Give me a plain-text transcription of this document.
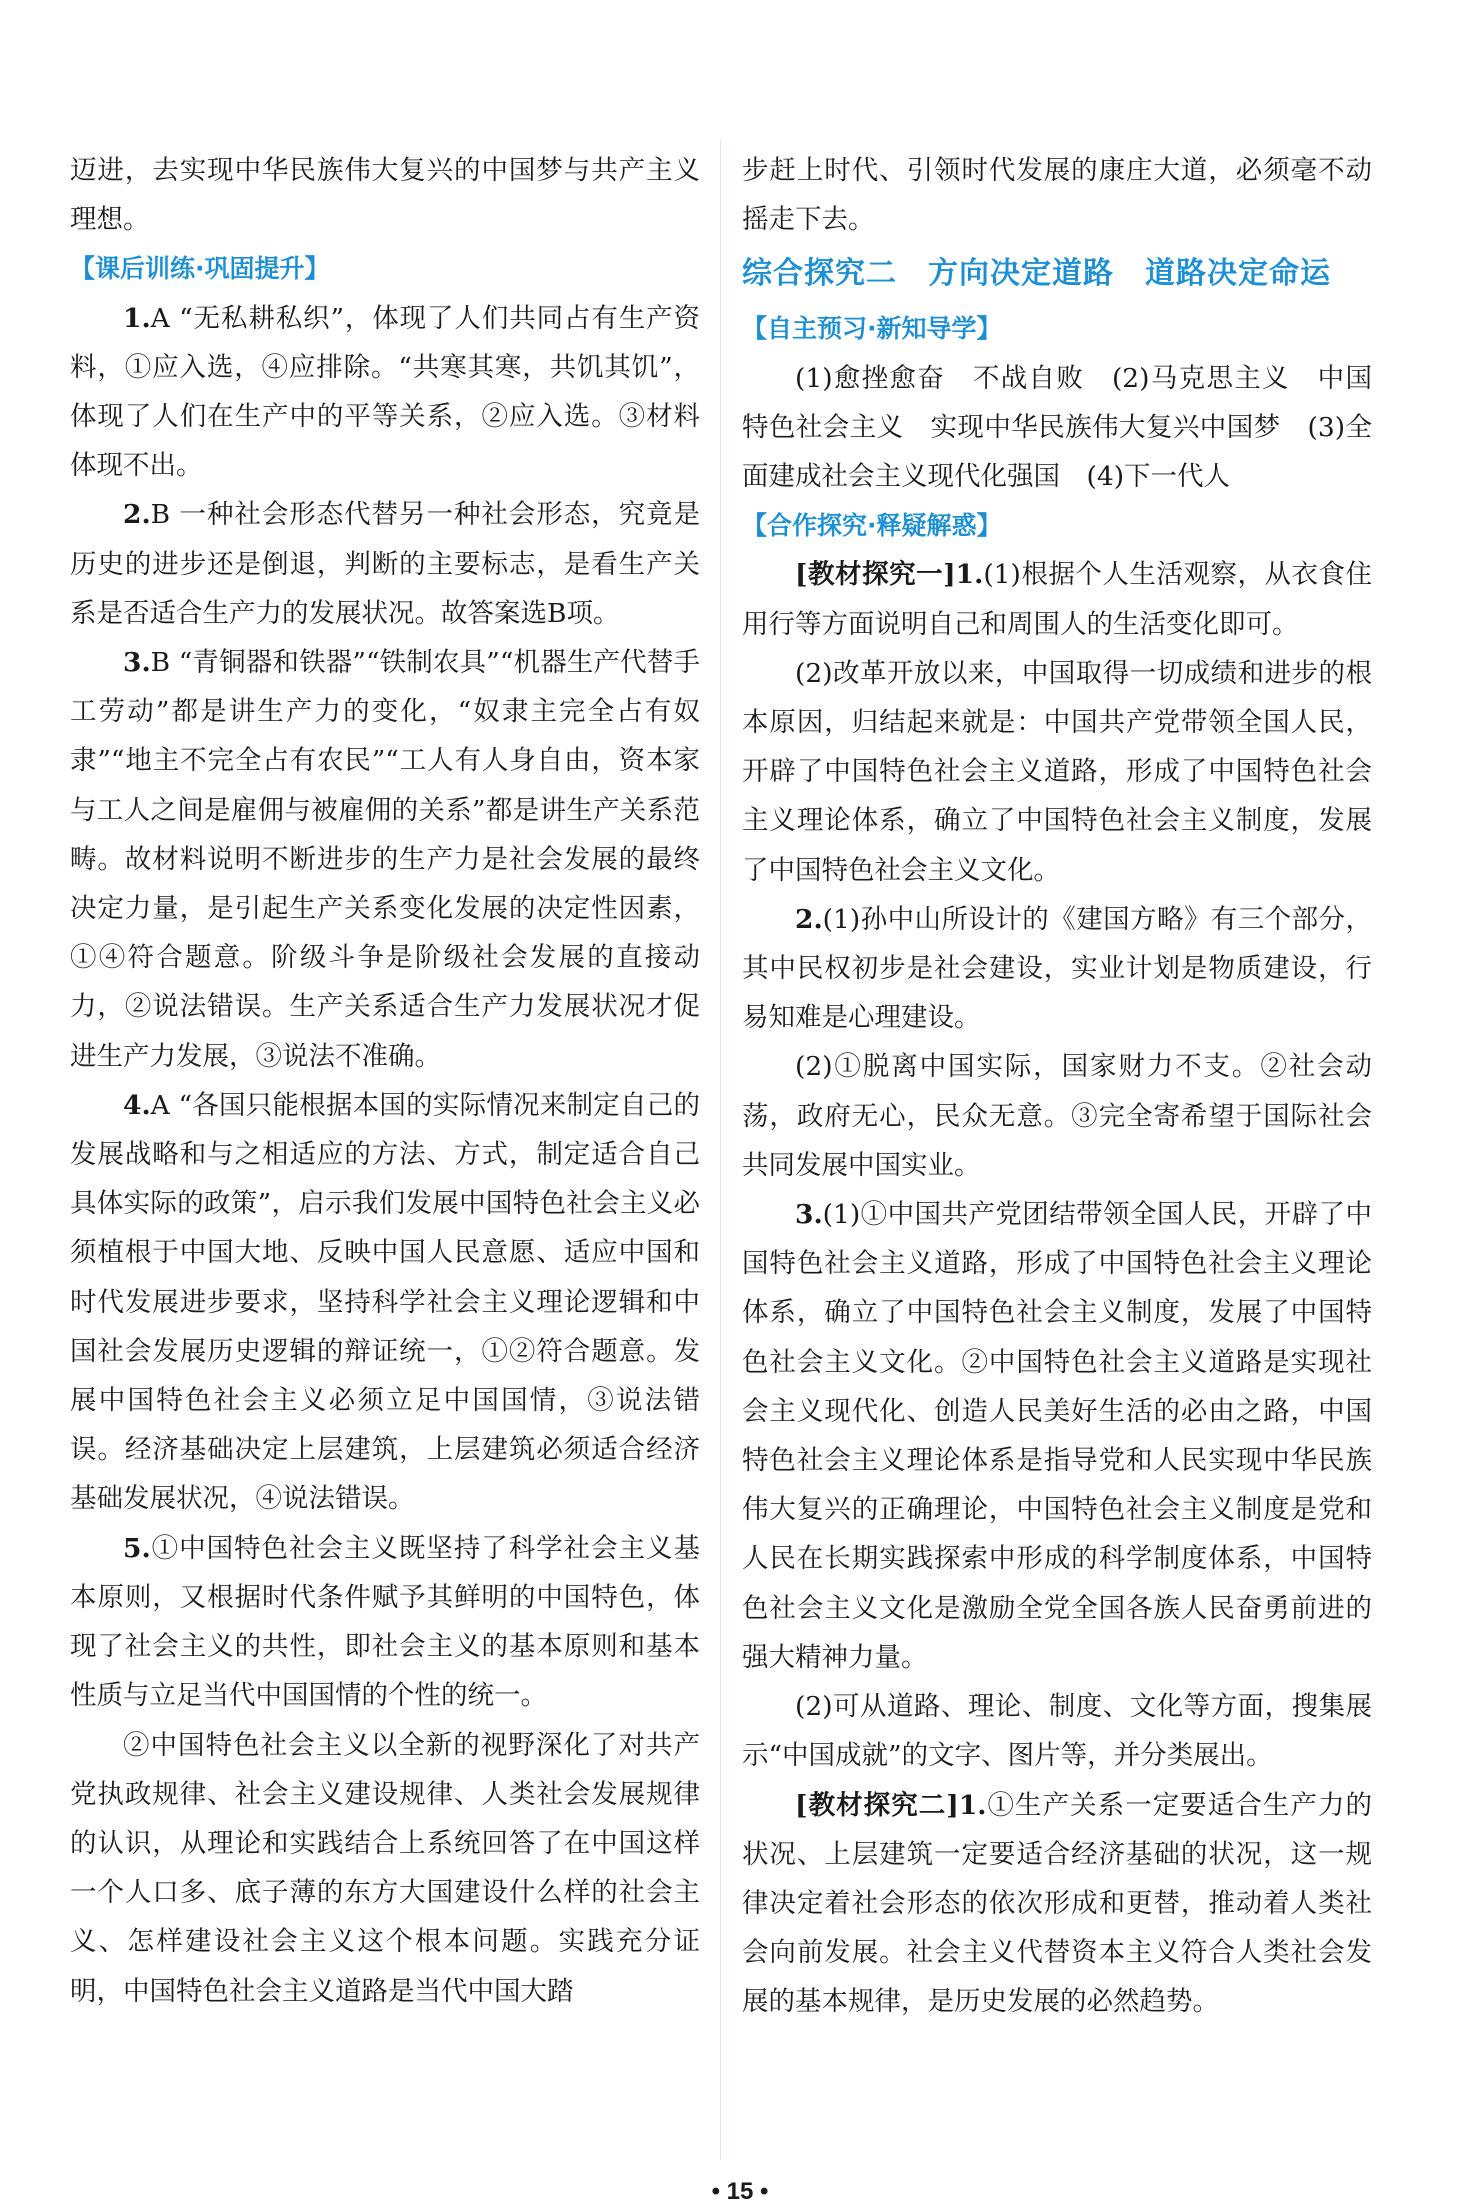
迈进，去实现中华民族伟大复兴的中国梦与共产主义理想。

【课后训练·巩固提升】

1.A “无私耕私织”，体现了人们共同占有生产资料，①应入选，④应排除。“共寒其寒，共饥其饥”，体现了人们在生产中的平等关系，②应入选。③材料体现不出。

2.B 一种社会形态代替另一种社会形态，究竟是历史的进步还是倒退，判断的主要标志，是看生产关系是否适合生产力的发展状况。故答案选B项。

3.B “青铜器和铁器”“铁制农具”“机器生产代替手工劳动”都是讲生产力的变化，“奴隶主完全占有奴隶”“地主不完全占有农民”“工人有人身自由，资本家与工人之间是雇佣与被雇佣的关系”都是讲生产关系范畴。故材料说明不断进步的生产力是社会发展的最终决定力量，是引起生产关系变化发展的决定性因素，①④符合题意。阶级斗争是阶级社会发展的直接动力，②说法错误。生产关系适合生产力发展状况才促进生产力发展，③说法不准确。

4.A “各国只能根据本国的实际情况来制定自己的发展战略和与之相适应的方法、方式，制定适合自己具体实际的政策”，启示我们发展中国特色社会主义必须植根于中国大地、反映中国人民意愿、适应中国和时代发展进步要求，坚持科学社会主义理论逻辑和中国社会发展历史逻辑的辩证统一，①②符合题意。发展中国特色社会主义必须立足中国国情，③说法错误。经济基础决定上层建筑，上层建筑必须适合经济基础发展状况，④说法错误。

5.①中国特色社会主义既坚持了科学社会主义基本原则，又根据时代条件赋予其鲜明的中国特色，体现了社会主义的共性，即社会主义的基本原则和基本性质与立足当代中国国情的个性的统一。

②中国特色社会主义以全新的视野深化了对共产党执政规律、社会主义建设规律、人类社会发展规律的认识，从理论和实践结合上系统回答了在中国这样一个人口多、底子薄的东方大国建设什么样的社会主义、怎样建设社会主义这个根本问题。实践充分证明，中国特色社会主义道路是当代中国大踏

步赶上时代、引领时代发展的康庄大道，必须毫不动摇走下去。

综合探究二　方向决定道路　道路决定命运

【自主预习·新知导学】

(1)愈挫愈奋　不战自败　(2)马克思主义　中国特色社会主义　实现中华民族伟大复兴中国梦　(3)全面建成社会主义现代化强国　(4)下一代人

【合作探究·释疑解惑】

[教材探究一]1.(1)根据个人生活观察，从衣食住用行等方面说明自己和周围人的生活变化即可。

(2)改革开放以来，中国取得一切成绩和进步的根本原因，归结起来就是：中国共产党带领全国人民，开辟了中国特色社会主义道路，形成了中国特色社会主义理论体系，确立了中国特色社会主义制度，发展了中国特色社会主义文化。

2.(1)孙中山所设计的《建国方略》有三个部分，其中民权初步是社会建设，实业计划是物质建设，行易知难是心理建设。

(2)①脱离中国实际，国家财力不支。②社会动荡，政府无心，民众无意。③完全寄希望于国际社会共同发展中国实业。

3.(1)①中国共产党团结带领全国人民，开辟了中国特色社会主义道路，形成了中国特色社会主义理论体系，确立了中国特色社会主义制度，发展了中国特色社会主义文化。②中国特色社会主义道路是实现社会主义现代化、创造人民美好生活的必由之路，中国特色社会主义理论体系是指导党和人民实现中华民族伟大复兴的正确理论，中国特色社会主义制度是党和人民在长期实践探索中形成的科学制度体系，中国特色社会主义文化是激励全党全国各族人民奋勇前进的强大精神力量。

(2)可从道路、理论、制度、文化等方面，搜集展示“中国成就”的文字、图片等，并分类展出。

[教材探究二]1.①生产关系一定要适合生产力的状况、上层建筑一定要适合经济基础的状况，这一规律决定着社会形态的依次形成和更替，推动着人类社会向前发展。社会主义代替资本主义符合人类社会发展的基本规律，是历史发展的必然趋势。

• 15 •
